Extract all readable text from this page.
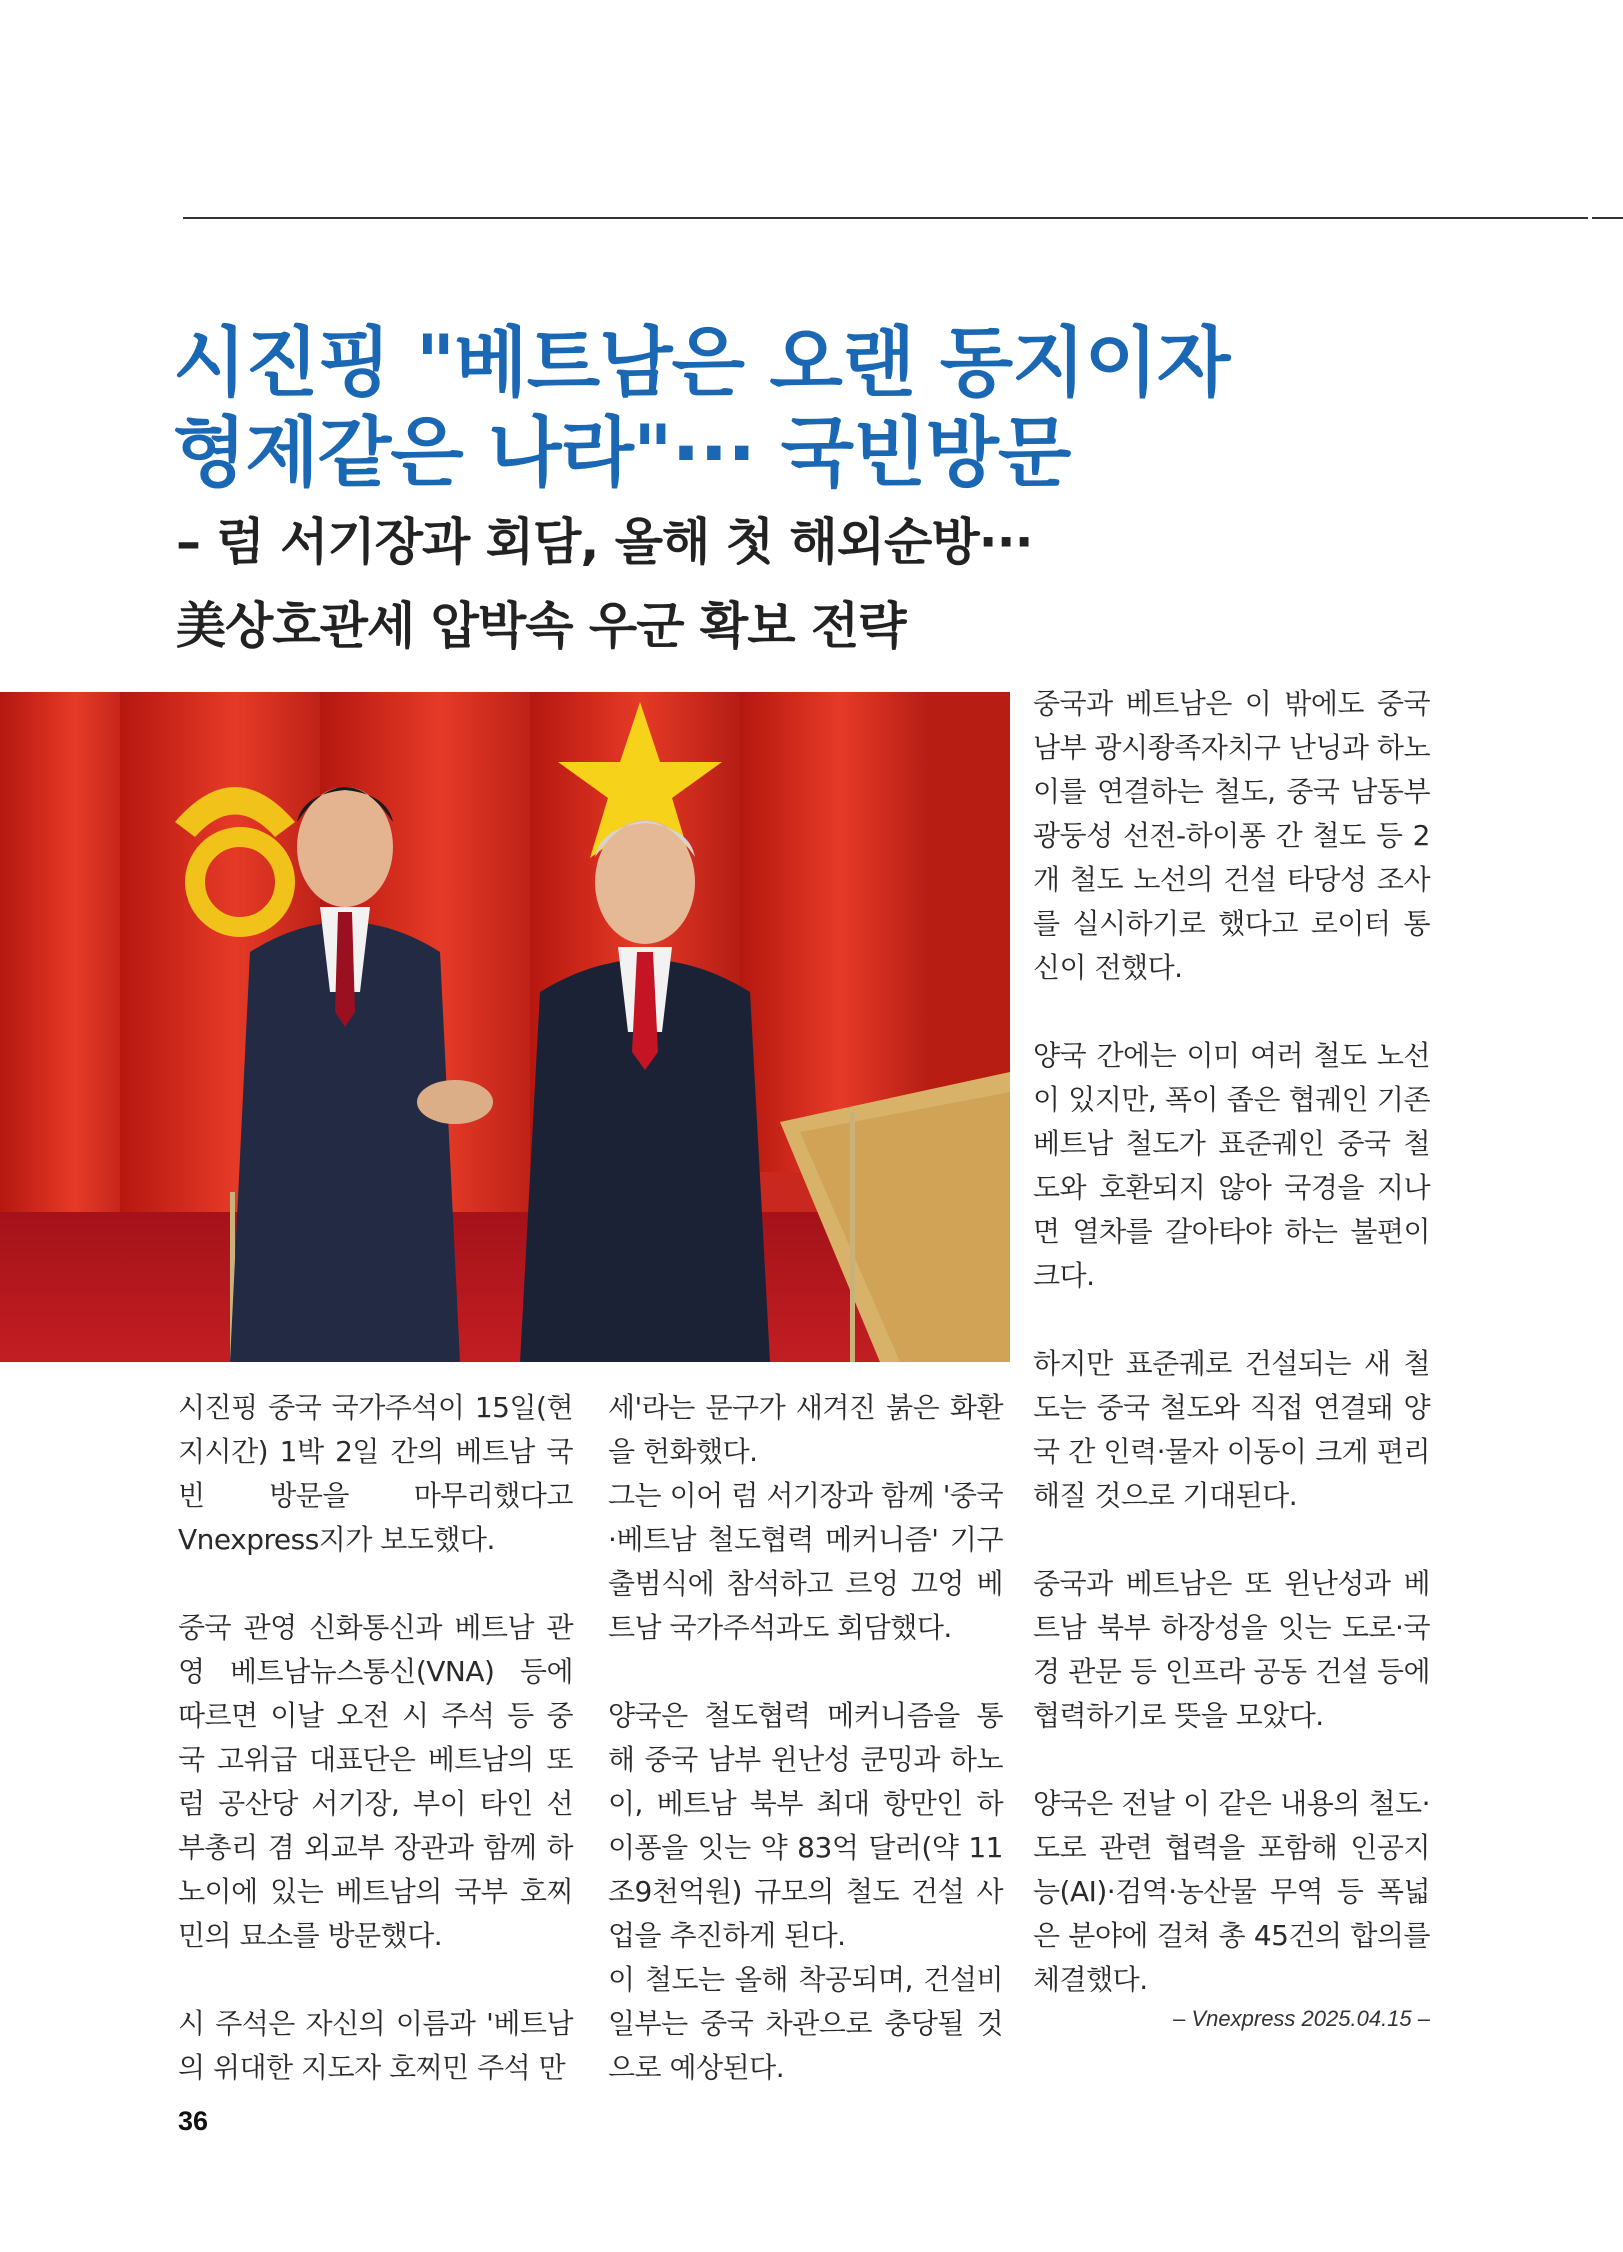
시진핑 "베트남은 오랜 동지이자
형제같은 나라"··· 국빈방문
– 럼 서기장과 회담, 올해 첫 해외순방···
美상호관세 압박속 우군 확보 전략

시진핑 중국 국가주석이 15일(현지시간) 1박 2일 간의 베트남 국빈 방문을 마무리했다고 Vnexpress지가 보도했다.

중국 관영 신화통신과 베트남 관영 베트남뉴스통신(VNA) 등에 따르면 이날 오전 시 주석 등 중국 고위급 대표단은 베트남의 또 럼 공산당 서기장, 부이 타인 선 부총리 겸 외교부 장관과 함께 하노이에 있는 베트남의 국부 호찌민의 묘소를 방문했다.

시 주석은 자신의 이름과 '베트남의 위대한 지도자 호찌민 주석 만

세'라는 문구가 새겨진 붉은 화환을 헌화했다.

그는 이어 럼 서기장과 함께 '중국·베트남 철도협력 메커니즘' 기구 출범식에 참석하고 르엉 끄엉 베트남 국가주석과도 회담했다.

양국은 철도협력 메커니즘을 통해 중국 남부 윈난성 쿤밍과 하노이, 베트남 북부 최대 항만인 하이퐁을 잇는 약 83억 달러(약 11조9천억원) 규모의 철도 건설 사업을 추진하게 된다.

이 철도는 올해 착공되며, 건설비 일부는 중국 차관으로 충당될 것으로 예상된다.

중국과 베트남은 이 밖에도 중국 남부 광시좡족자치구 난닝과 하노이를 연결하는 철도, 중국 남동부 광둥성 선전-하이퐁 간 철도 등 2개 철도 노선의 건설 타당성 조사를 실시하기로 했다고 로이터 통신이 전했다.

양국 간에는 이미 여러 철도 노선이 있지만, 폭이 좁은 협궤인 기존 베트남 철도가 표준궤인 중국 철도와 호환되지 않아 국경을 지나면 열차를 갈아타야 하는 불편이 크다.

하지만 표준궤로 건설되는 새 철도는 중국 철도와 직접 연결돼 양국 간 인력·물자 이동이 크게 편리해질 것으로 기대된다.

중국과 베트남은 또 윈난성과 베트남 북부 하장성을 잇는 도로·국경 관문 등 인프라 공동 건설 등에 협력하기로 뜻을 모았다.

양국은 전날 이 같은 내용의 철도·도로 관련 협력을 포함해 인공지능(AI)·검역·농산물 무역 등 폭넓은 분야에 걸쳐 총 45건의 합의를 체결했다.

– Vnexpress 2025.04.15 –
36
